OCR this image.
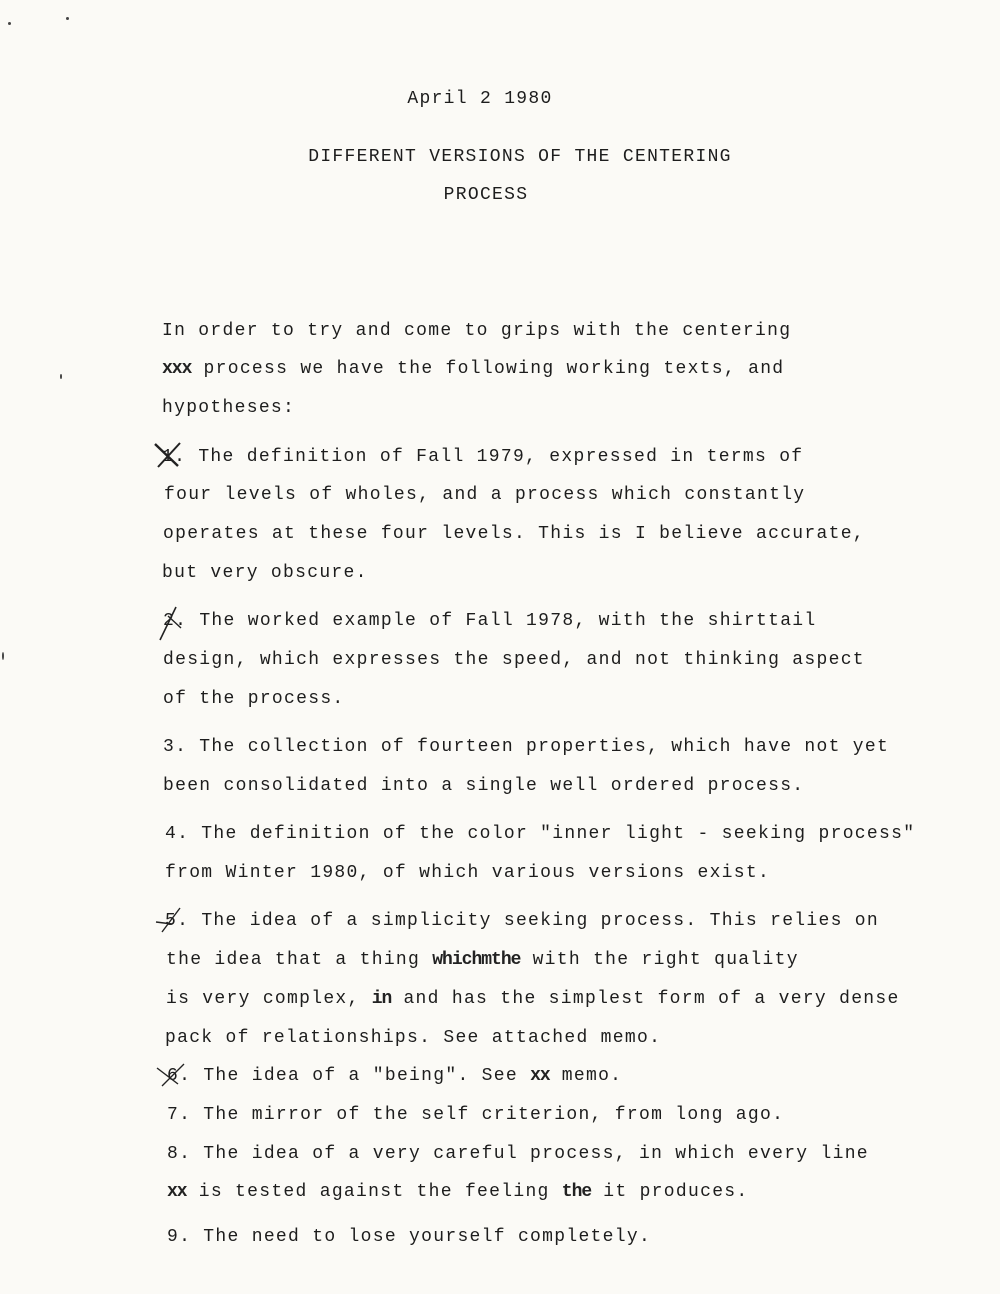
April 2 1980
DIFFERENT VERSIONS OF THE CENTERING
PROCESS
In order to try and come to grips with the centering
xxx process we have the following working texts, and
hypotheses:
1. The definition of Fall 1979, expressed in terms of
four levels of wholes, and a process which constantly
operates at these four levels. This is I believe accurate,
but very obscure.
2. The worked example of Fall 1978, with the shirttail
design, which expresses the speed, and not thinking aspect
of the process.
3. The collection of fourteen properties, which have not yet
been consolidated into a single well ordered process.
4. The definition of the color "inner light - seeking process"
from Winter 1980, of which various versions exist.
5. The idea of a simplicity seeking process. This relies on
the idea that a thing whichmthe with the right quality
is very complex, in and has the simplest form of a very dense
pack of relationships. See attached memo.
6. The idea of a "being". See xx memo.
7. The mirror of the self criterion, from long ago.
8. The idea of a very careful process, in which every line
xx is tested against the feeling the it produces.
9. The need to lose yourself completely.
